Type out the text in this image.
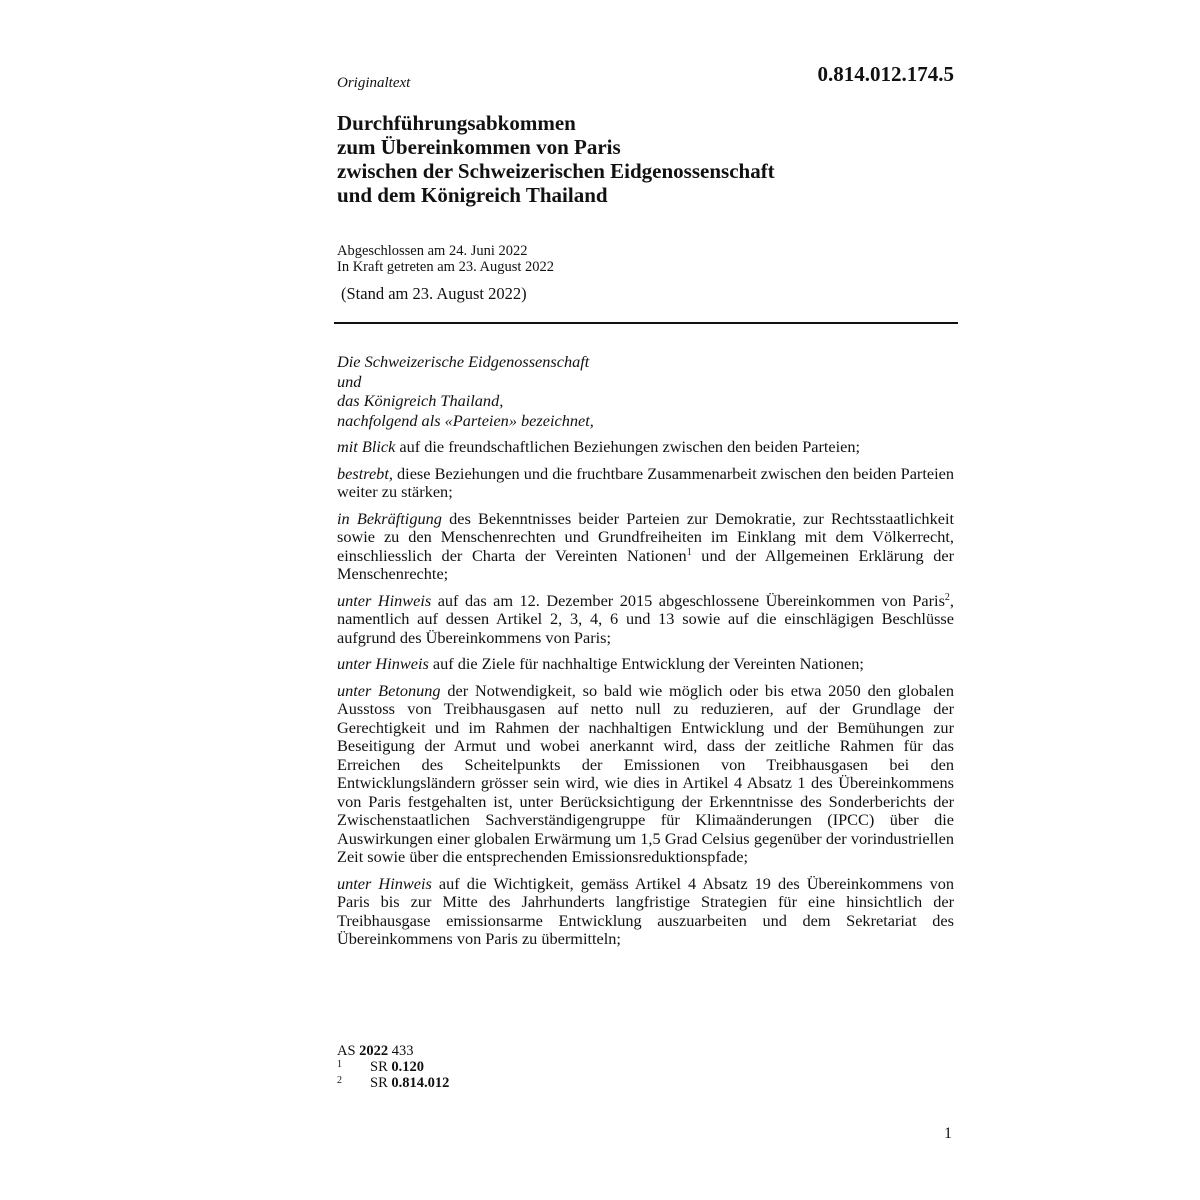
0.814.012.174.5
Originaltext
Durchführungsabkommen
zum Übereinkommen von Paris
zwischen der Schweizerischen Eidgenossenschaft
und dem Königreich Thailand
Abgeschlossen am 24. Juni 2022
In Kraft getreten am 23. August 2022
(Stand am 23. August 2022)
Die Schweizerische Eidgenossenschaft
und
das Königreich Thailand,
nachfolgend als «Parteien» bezeichnet,

mit Blick auf die freundschaftlichen Beziehungen zwischen den beiden Parteien;

bestrebt, diese Beziehungen und die fruchtbare Zusammenarbeit zwischen den beiden Parteien weiter zu stärken;

in Bekräftigung des Bekenntnisses beider Parteien zur Demokratie, zur Rechtsstaatlichkeit sowie zu den Menschenrechten und Grundfreiheiten im Einklang mit dem Völkerrecht, einschliesslich der Charta der Vereinten Nationen$^1$ und der Allgemeinen Erklärung der Menschenrechte;

unter Hinweis auf das am 12. Dezember 2015 abgeschlossene Übereinkommen von Paris$^2$, namentlich auf dessen Artikel 2, 3, 4, 6 und 13 sowie auf die einschlägigen Beschlüsse aufgrund des Übereinkommens von Paris;

unter Hinweis auf die Ziele für nachhaltige Entwicklung der Vereinten Nationen;

unter Betonung der Notwendigkeit, so bald wie möglich oder bis etwa 2050 den globalen Ausstoss von Treibhausgasen auf netto null zu reduzieren, auf der Grundlage der Gerechtigkeit und im Rahmen der nachhaltigen Entwicklung und der Bemühungen zur Beseitigung der Armut und wobei anerkannt wird, dass der zeitliche Rahmen für das Erreichen des Scheitelpunkts der Emissionen von Treibhausgasen bei den Entwicklungsländern grösser sein wird, wie dies in Artikel 4 Absatz 1 des Übereinkommens von Paris festgehalten ist, unter Berücksichtigung der Erkenntnisse des Sonderberichts der Zwischenstaatlichen Sachverständigengruppe für Klimaänderungen (IPCC) über die Auswirkungen einer globalen Erwärmung um 1,5 Grad Celsius gegenüber der vorindustriellen Zeit sowie über die entsprechenden Emissionsreduktionspfade;

unter Hinweis auf die Wichtigkeit, gemäss Artikel 4 Absatz 19 des Übereinkommens von Paris bis zur Mitte des Jahrhunderts langfristige Strategien für eine hinsichtlich der Treibhausgase emissionsarme Entwicklung auszuarbeiten und dem Sekretariat des Übereinkommens von Paris zu übermitteln;

AS 2022 433
1	SR
0.120
2	SR
0.814.012
1
